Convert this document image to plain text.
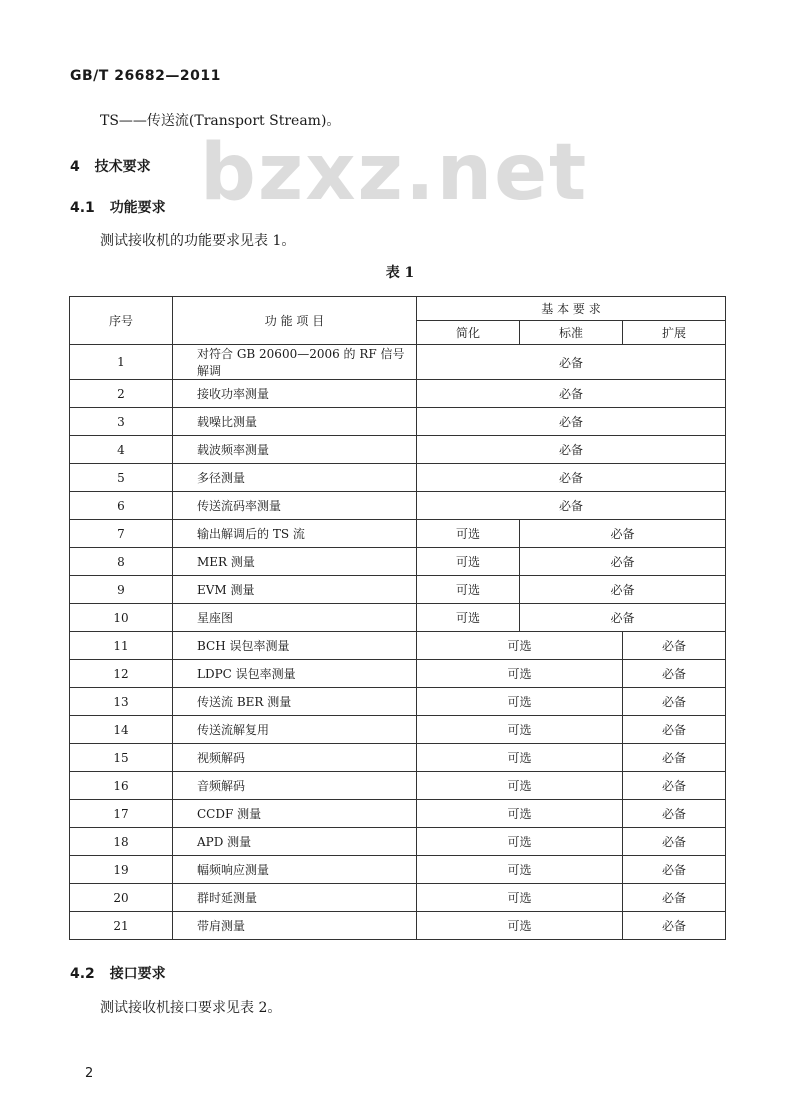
GB/T 26682—2011
bzxz.net
TS——传送流(Transport Stream)。
4 技术要求
4.1 功能要求
测试接收机的功能要求见表 1。
表 1
序号	功 能 项 目	基 本 要 求		
		简化	标准	扩展
1	对符合 GB 20600—2006 的 RF 信号解调	必备		
2	接收功率测量	必备		
3	载噪比测量	必备		
4	载波频率测量	必备		
5	多径测量	必备		
6	传送流码率测量	必备		
7	输出解调后的 TS 流	可选	必备	
8	MER 测量	可选	必备	
9	EVM 测量	可选	必备	
10	星座图	可选	必备	
11	BCH 误包率测量	可选		必备
12	LDPC 误包率测量	可选		必备
13	传送流 BER 测量	可选		必备
14	传送流解复用	可选		必备
15	视频解码	可选		必备
16	音频解码	可选		必备
17	CCDF 测量	可选		必备
18	APD 测量	可选		必备
19	幅频响应测量	可选		必备
20	群时延测量	可选		必备
21	带肩测量	可选		必备
4.2 接口要求
测试接收机接口要求见表 2。
2
